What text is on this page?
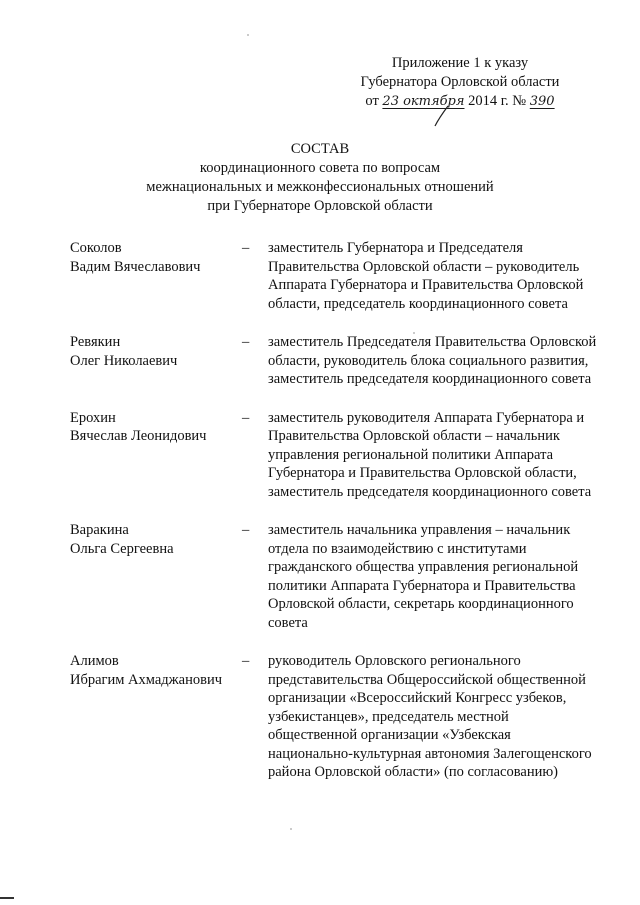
Приложение 1 к указу
Губернатора Орловской области
от 23 октября 2014 г. № 390
СОСТАВ
координационного совета по вопросам
межнациональных и межконфессиональных отношений
при Губернаторе Орловской области
Соколов
Вадим Вячеславович
– заместитель Губернатора и Председателя Правительства Орловской области – руководитель Аппарата Губернатора и Правительства Орловской области, председатель координационного совета
Ревякин
Олег Николаевич
– заместитель Председателя Правительства Орловской области, руководитель блока социального развития, заместитель председателя координационного совета
Ерохин
Вячеслав Леонидович
– заместитель руководителя Аппарата Губернатора и Правительства Орловской области – начальник управления региональной политики Аппарата Губернатора и Правительства Орловской области, заместитель председателя координационного совета
Варакина
Ольга Сергеевна
– заместитель начальника управления – начальник отдела по взаимодействию с институтами гражданского общества управления региональной политики Аппарата Губернатора и Правительства Орловской области, секретарь координационного совета
Алимов
Ибрагим Ахмаджанович
– руководитель Орловского регионального представительства Общероссийской общественной организации «Всероссийский Конгресс узбеков, узбекистанцев», председатель местной общественной организации «Узбекская национально-культурная автономия Залегощенского района Орловской области» (по согласованию)
